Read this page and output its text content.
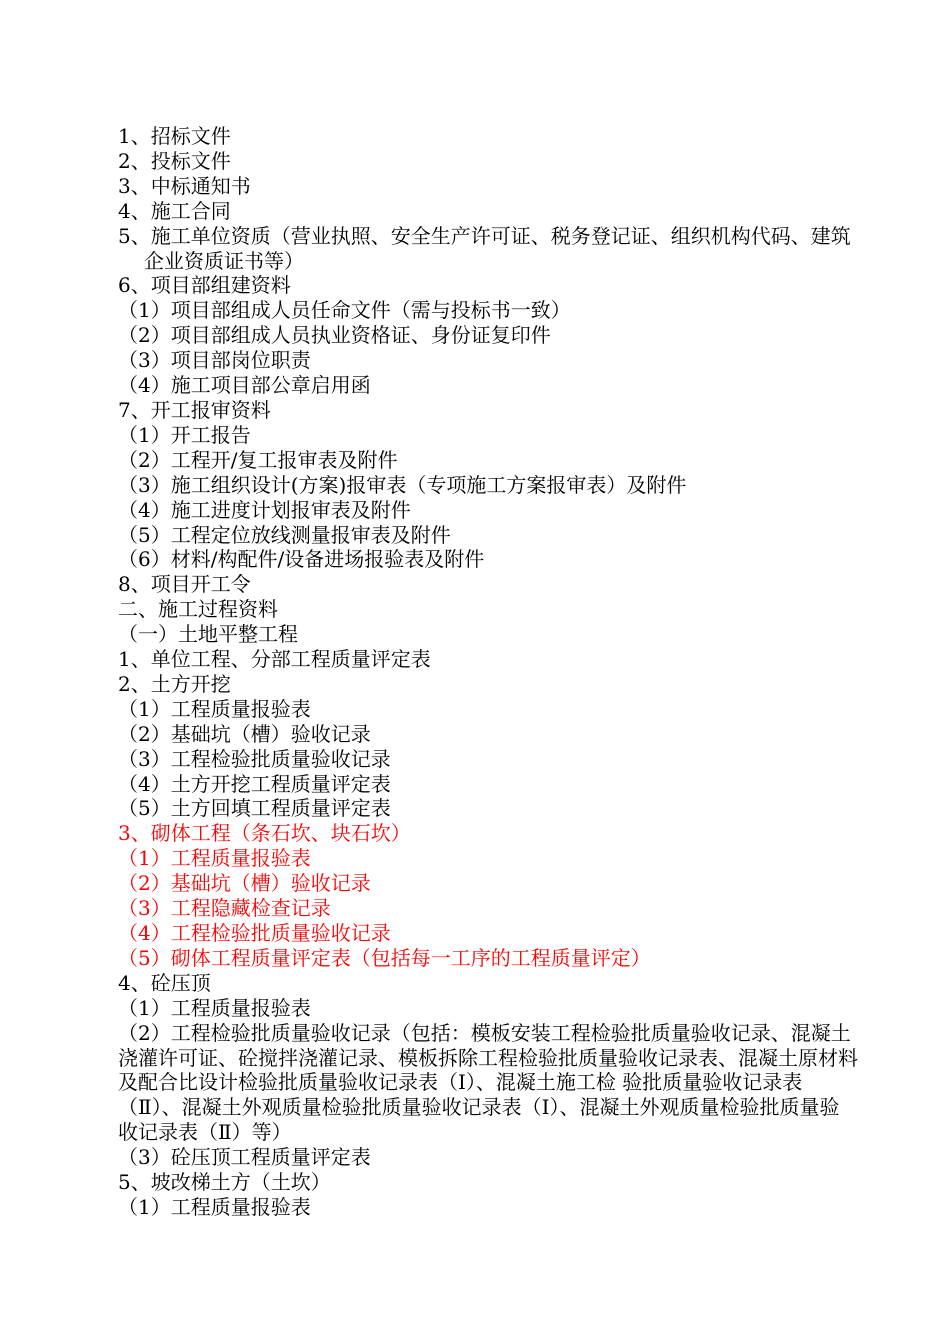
1、招标文件

2、投标文件

3、中标通知书

4、施工合同

5、施工单位资质（营业执照、安全生产许可证、税务登记证、组织机构代码、建筑企业资质证书等）

6、项目部组建资料

（1）项目部组成人员任命文件（需与投标书一致）

（2）项目部组成人员执业资格证、身份证复印件

（3）项目部岗位职责

（4）施工项目部公章启用函

7、开工报审资料

（1）开工报告

（2）工程开/复工报审表及附件

（3）施工组织设计(方案)报审表（专项施工方案报审表）及附件

（4）施工进度计划报审表及附件

（5）工程定位放线测量报审表及附件

（6）材料/构配件/设备进场报验表及附件

8、项目开工令

二、施工过程资料

（一）土地平整工程

1、单位工程、分部工程质量评定表

2、土方开挖

（1）工程质量报验表

（2）基础坑（槽）验收记录

（3）工程检验批质量验收记录

（4）土方开挖工程质量评定表

（5）土方回填工程质量评定表

3、砌体工程（条石坎、块石坎）

（1）工程质量报验表

（2）基础坑（槽）验收记录

（3）工程隐藏检查记录

（4）工程检验批质量验收记录

（5）砌体工程质量评定表（包括每一工序的工程质量评定）

4、砼压顶

（1）工程质量报验表

（2）工程检验批质量验收记录（包括：模板安装工程检验批质量验收记录、混凝土浇灌许可证、砼搅拌浇灌记录、模板拆除工程检验批质量验收记录表、混凝土原材料及配合比设计检验批质量验收记录表（Ⅰ）、混凝土施工检 验批质量验收记录表（Ⅱ）、混凝土外观质量检验批质量验收记录表（Ⅰ）、混凝土外观质量检验批质量验收记录表（Ⅱ）等）

（3）砼压顶工程质量评定表

5、坡改梯土方（土坎）

（1）工程质量报验表
